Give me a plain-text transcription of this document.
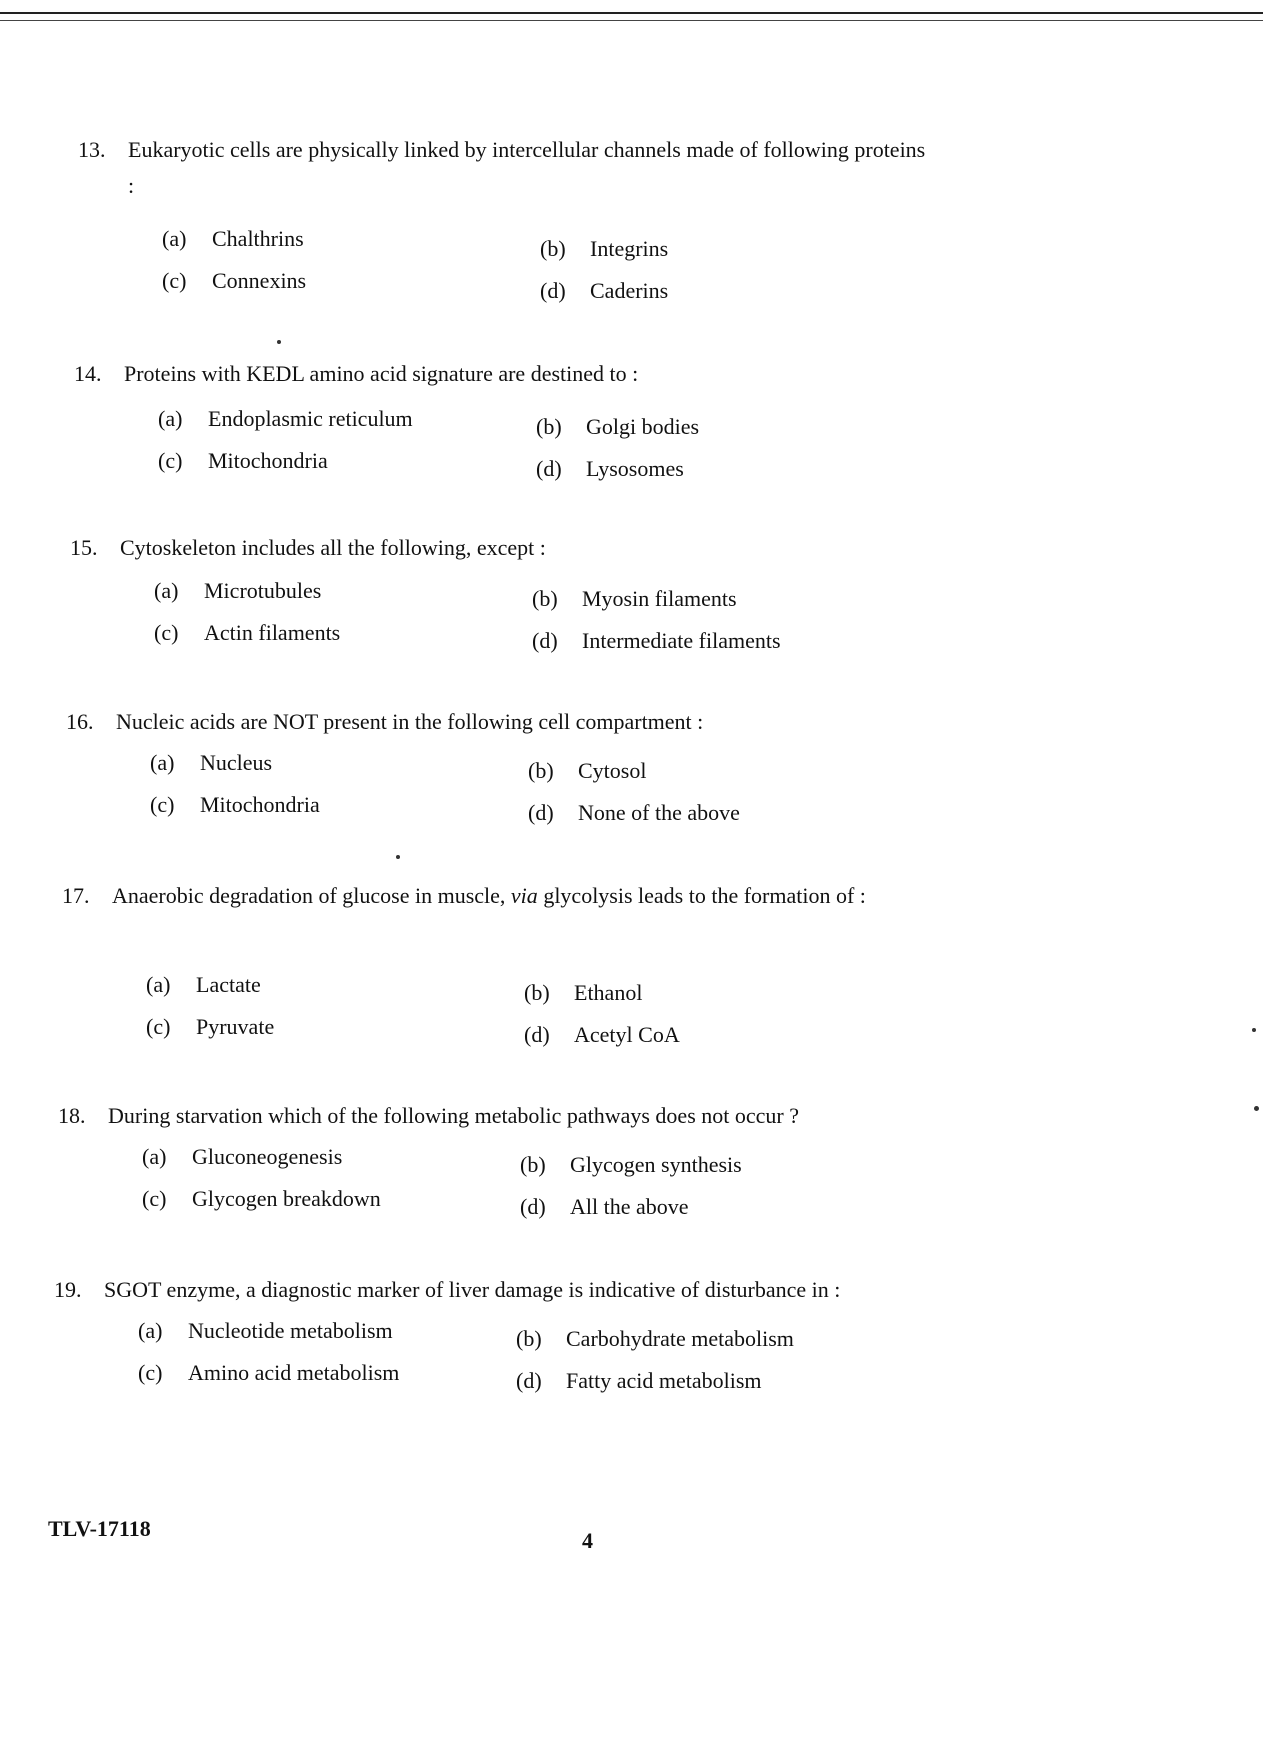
13. Eukaryotic cells are physically linked by intercellular channels made of following proteins :
(a) Chalthrins	(b) Integrins
(c) Connexins	(d) Caderins
14. Proteins with KEDL amino acid signature are destined to :
(a) Endoplasmic reticulum	(b) Golgi bodies
(c) Mitochondria	(d) Lysosomes
15. Cytoskeleton includes all the following, except :
(a) Microtubules	(b) Myosin filaments
(c) Actin filaments	(d) Intermediate filaments
16. Nucleic acids are NOT present in the following cell compartment :
(a) Nucleus	(b) Cytosol
(c) Mitochondria	(d) None of the above
17. Anaerobic degradation of glucose in muscle, via glycolysis leads to the formation of :
(a) Lactate	(b) Ethanol
(c) Pyruvate	(d) Acetyl CoA
18. During starvation which of the following metabolic pathways does not occur ?
(a) Gluconeogenesis	(b) Glycogen synthesis
(c) Glycogen breakdown	(d) All the above
19. SGOT enzyme, a diagnostic marker of liver damage is indicative of disturbance in :
(a) Nucleotide metabolism	(b) Carbohydrate metabolism
(c) Amino acid metabolism	(d) Fatty acid metabolism
TLV-17118	4
